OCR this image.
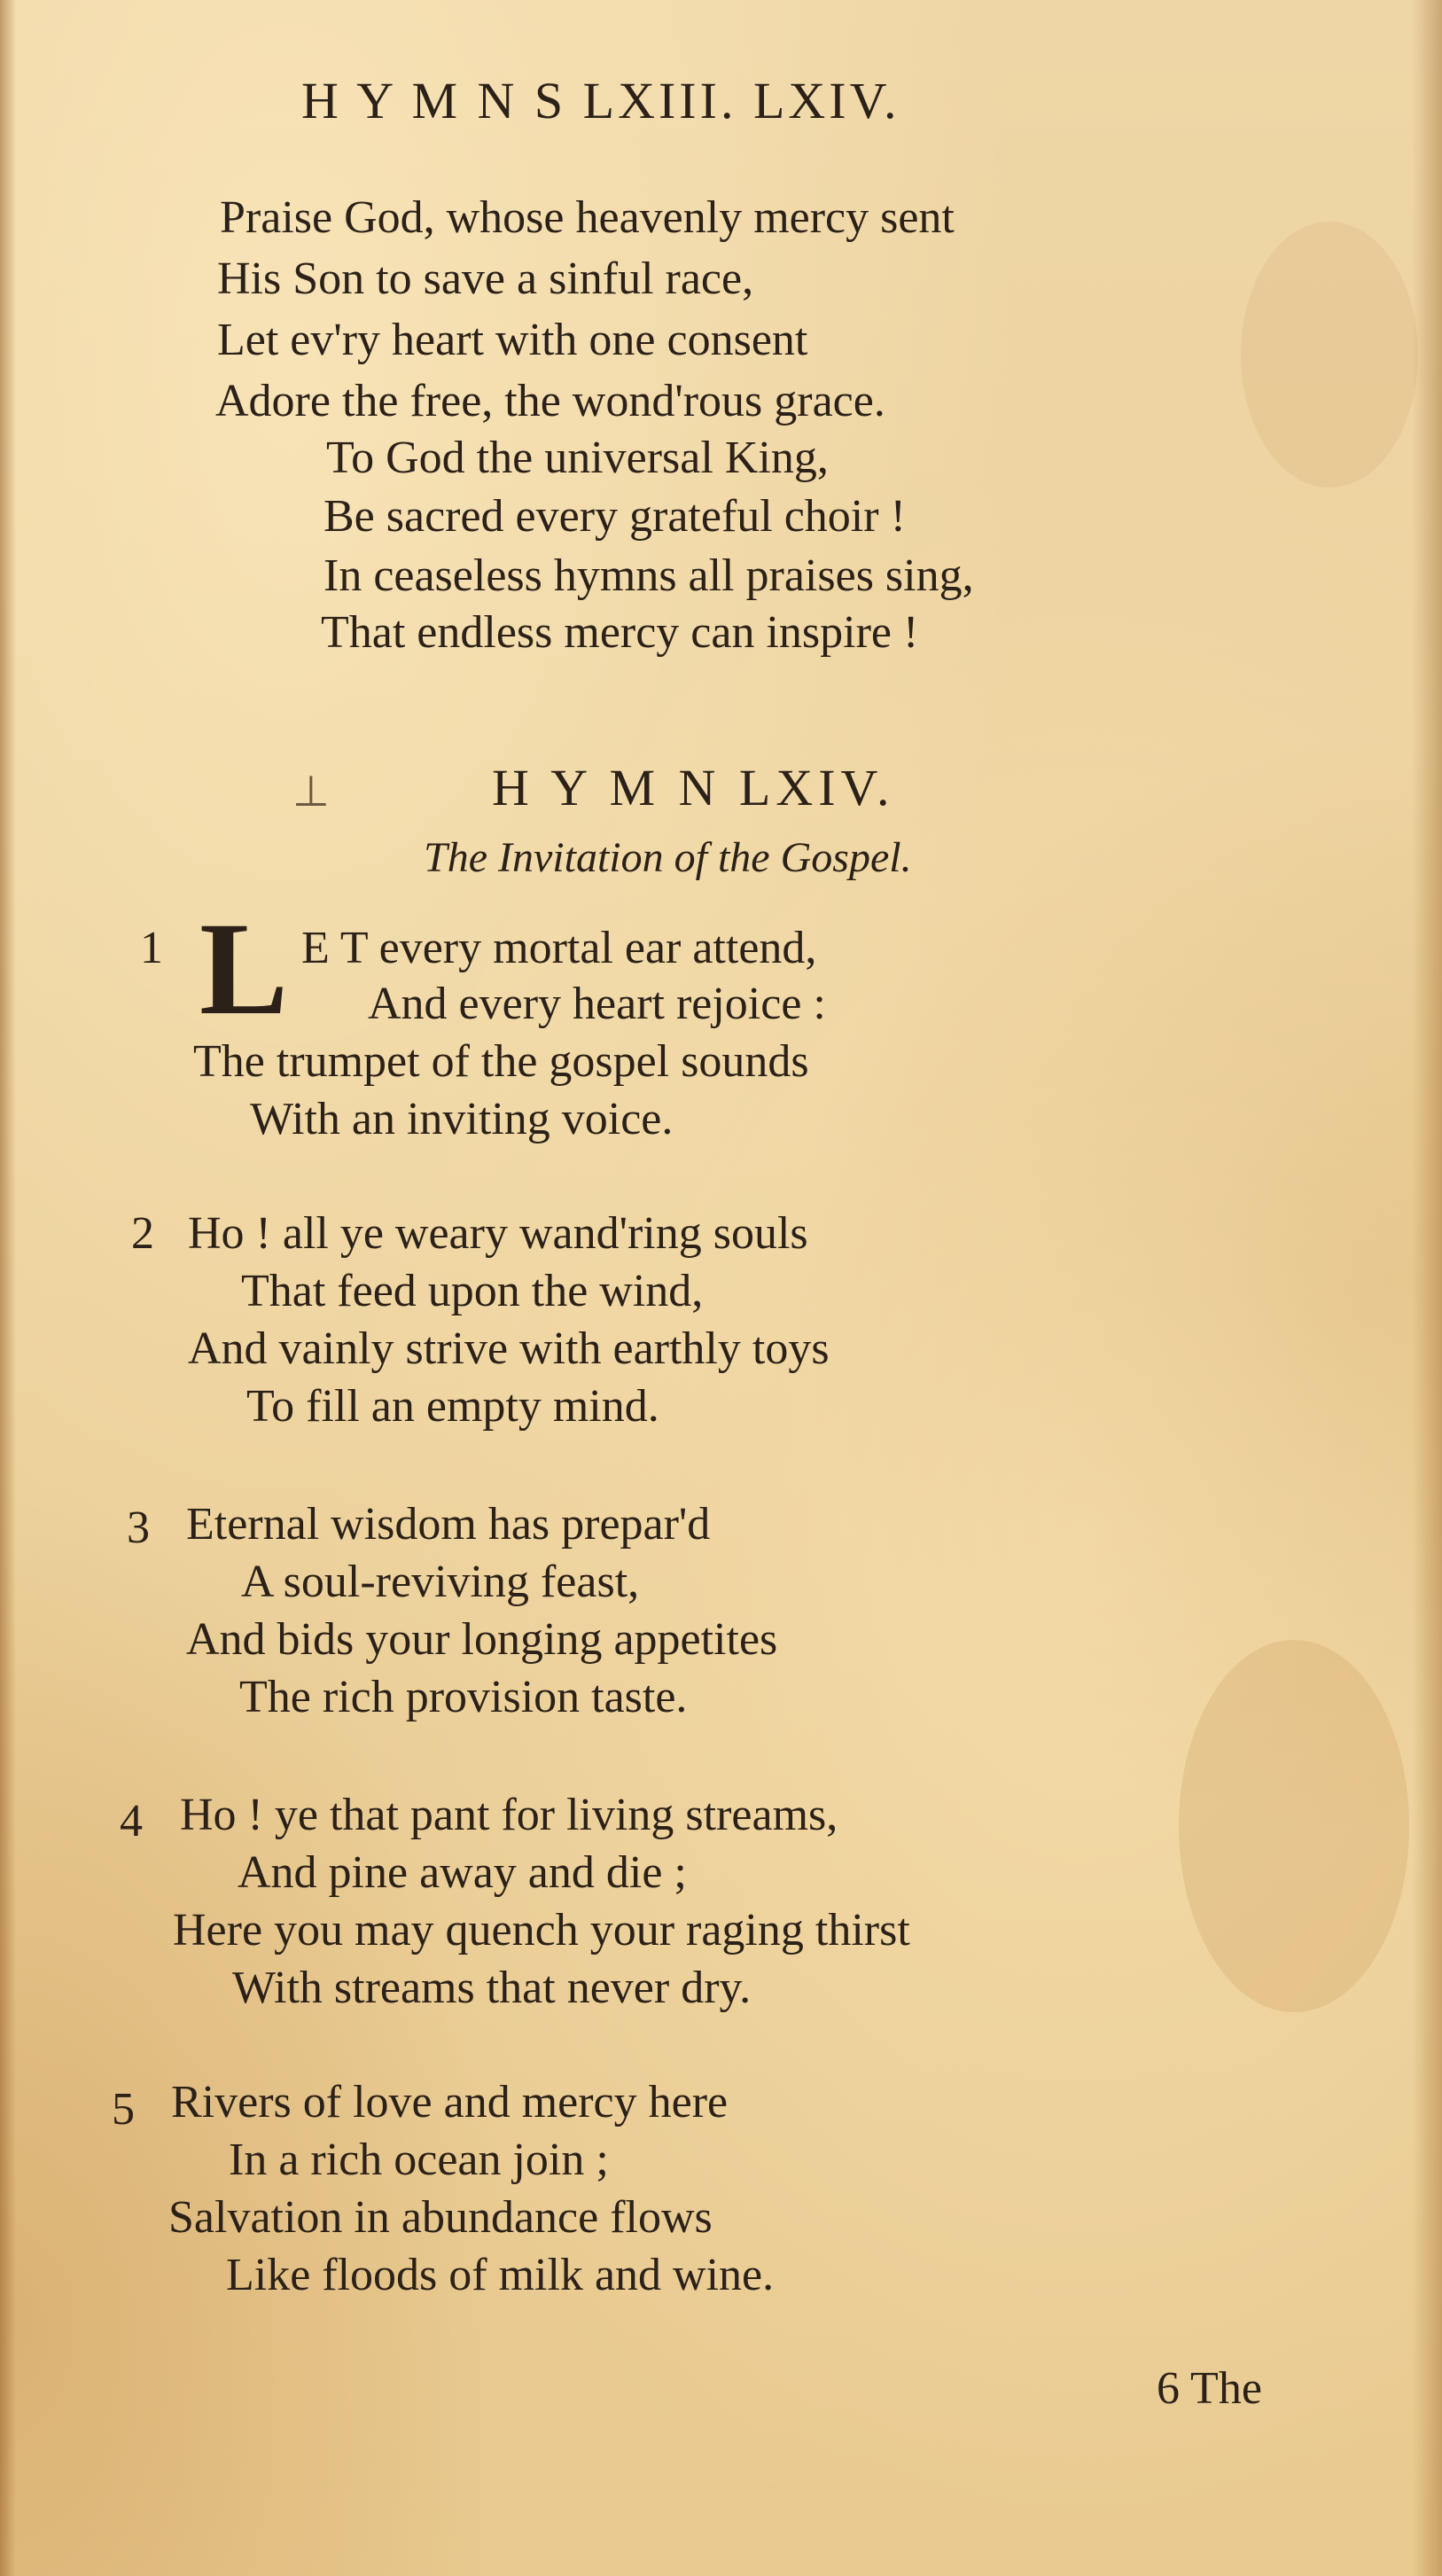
H Y M N S LXIII. LXIV.
Praise God, whose heavenly mercy sent
His Son to save a sinful race,
Let ev'ry heart with one consent
Adore the free, the wond'rous grace.
To God the universal King,
Be sacred every grateful choir !
In ceaseless hymns all praises sing,
That endless mercy can inspire !
⊥	H Y M N LXIV.
The Invitation of the Gospel.
1 L E T every mortal ear attend,
And every heart rejoice :
The trumpet of the gospel sounds
With an inviting voice.
2 Ho ! all ye weary wand'ring souls
That feed upon the wind,
And vainly strive with earthly toys
To fill an empty mind.
3 Eternal wisdom has prepar'd
A soul-reviving feast,
And bids your longing appetites
The rich provision taste.
4 Ho ! ye that pant for living streams,
And pine away and die ;
Here you may quench your raging thirst
With streams that never dry.
5 Rivers of love and mercy here
In a rich ocean join ;
Salvation in abundance flows
Like floods of milk and wine.
6 The
